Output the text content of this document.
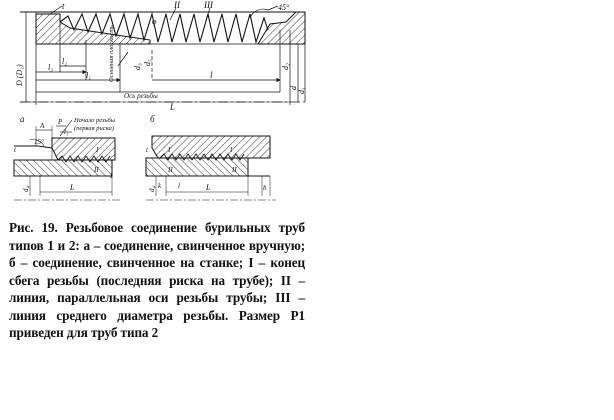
t	II	III	45°
φ
D (D₁)
l₂
l₃
l₁	l
L
Основная плоскость
Ось резьбы
d₃
d₅
d₂
d d₁
а
A P
l₁
Начало резьбы
(первая риска)
15°
t	I
II
L
d₄
б
t	I	I
II
L	b
d₄ k l
II
I

Рис. 19. Резьбовое соединение бурильных труб типов 1 и 2: а – соединение, свинченное вручную; б – соединение, свинченное на станке; I – конец сбега резьбы (последняя риска на трубе); II –линия, параллельная оси резьбы трубы; III – линия среднего диаметра резьбы. Размер P1 приведен для труб типа 2
